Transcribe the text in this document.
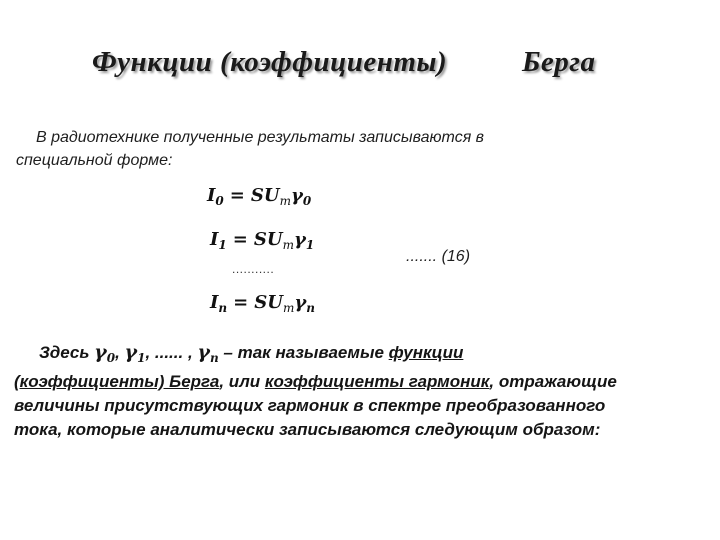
Функции (коэффициенты)	Берга
В радиотехнике полученные результаты записываются в
специальной форме:
$I_0 = SU_m\gamma_0$
$I_1 = SU_m\gamma_1$
...........
....... (16)
$I_n = SU_m\gamma_n$
Здесь $\gamma_0$, $\gamma_1$, ...... , $\gamma_n$ – так называемые функции
(коэффициенты) Берга, или коэффициенты гармоник, отражающие
величины присутствующих гармоник в спектре преобразованного
тока, которые аналитически записываются следующим образом:
